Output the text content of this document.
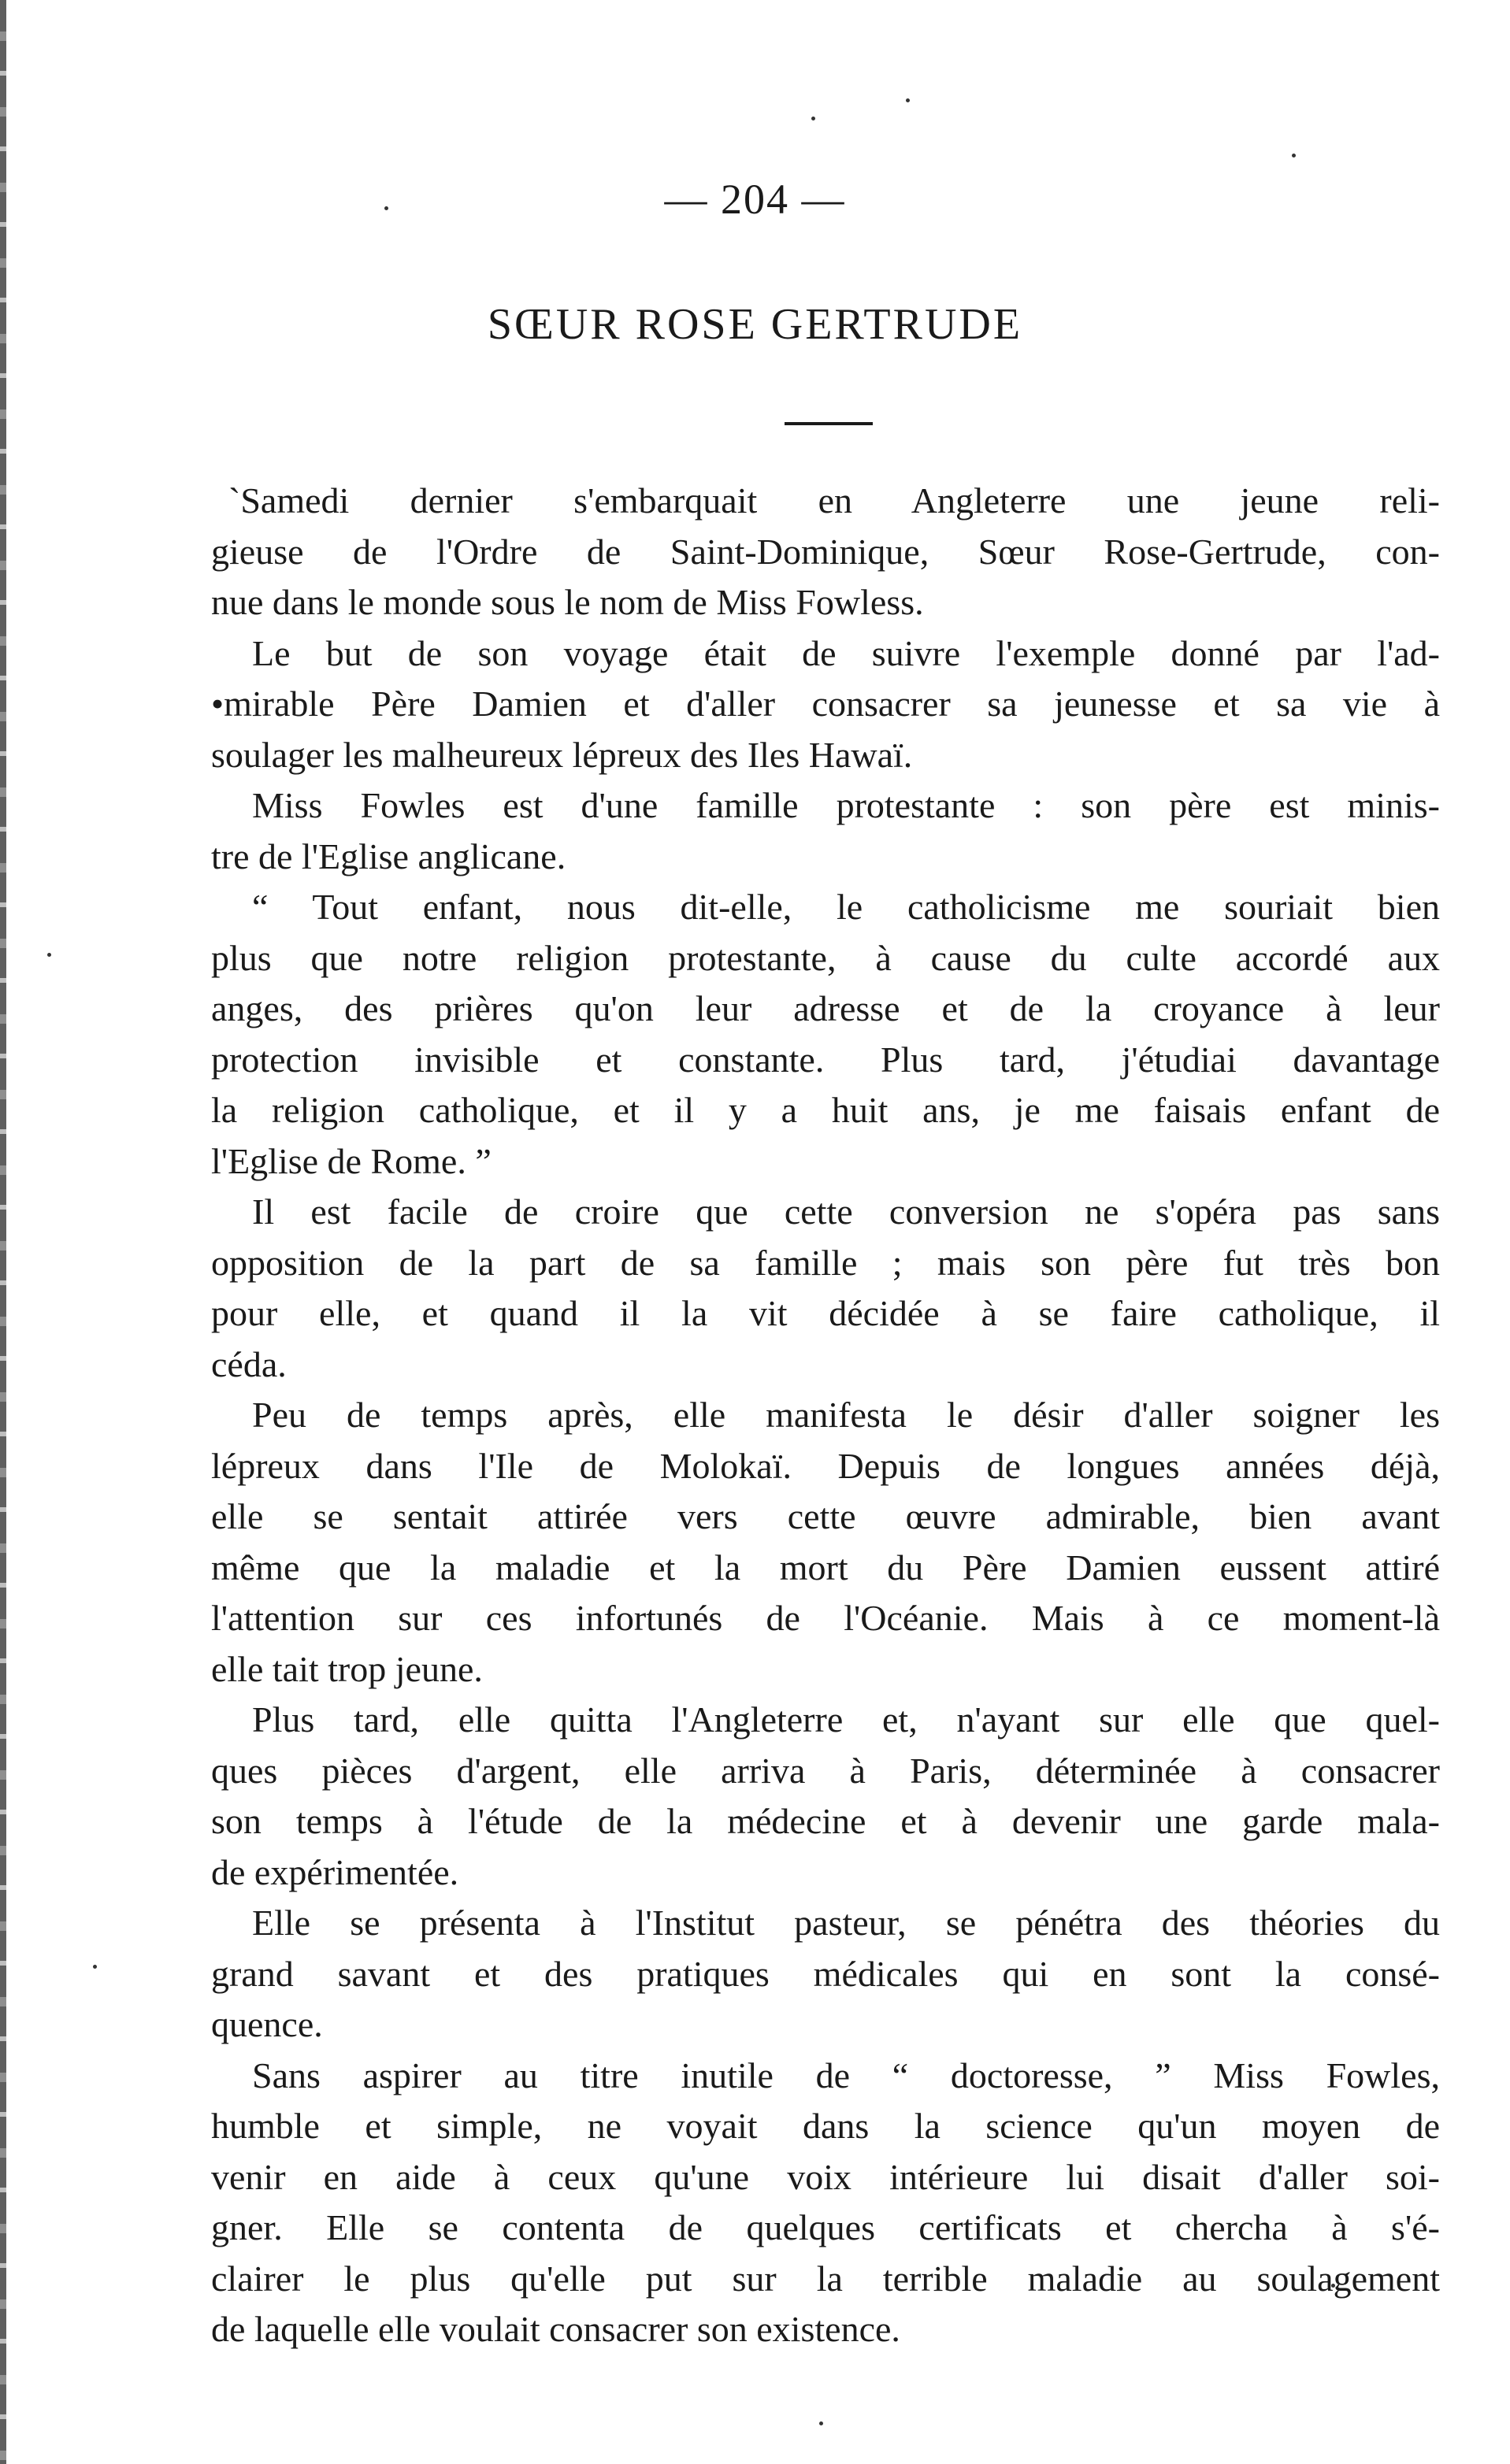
— 204 —
SŒUR ROSE GERTRUDE
`Samedi dernier s'embarquait en Angleterre une jeune reli-
gieuse de l'Ordre de Saint-Dominique, Sœur Rose-Gertrude, con-
nue dans le monde sous le nom de Miss Fowless.
Le but de son voyage était de suivre l'exemple donné par l'ad-
•mirable Père Damien et d'aller consacrer sa jeunesse et sa vie à
soulager les malheureux lépreux des Iles Hawaï.
Miss Fowles est d'une famille protestante : son père est minis-
tre de l'Eglise anglicane.
“ Tout enfant, nous dit-elle, le catholicisme me souriait bien
plus que notre religion protestante, à cause du culte accordé aux
anges, des prières qu'on leur adresse et de la croyance à leur
protection invisible et constante. Plus tard, j'étudiai davantage
la religion catholique, et il y a huit ans, je me faisais enfant de
l'Eglise de Rome. ”
Il est facile de croire que cette conversion ne s'opéra pas sans
opposition de la part de sa famille ; mais son père fut très bon
pour elle, et quand il la vit décidée à se faire catholique, il
céda.
Peu de temps après, elle manifesta le désir d'aller soigner les
lépreux dans l'Ile de Molokaï. Depuis de longues années déjà,
elle se sentait attirée vers cette œuvre admirable, bien avant
même que la maladie et la mort du Père Damien eussent attiré
l'attention sur ces infortunés de l'Océanie. Mais à ce moment-là
elle tait trop jeune.
Plus tard, elle quitta l'Angleterre et, n'ayant sur elle que quel-
ques pièces d'argent, elle arriva à Paris, déterminée à consacrer
son temps à l'étude de la médecine et à devenir une garde mala-
de expérimentée.
Elle se présenta à l'Institut pasteur, se pénétra des théories du
grand savant et des pratiques médicales qui en sont la consé-
quence.
Sans aspirer au titre inutile de “ doctoresse, ” Miss Fowles,
humble et simple, ne voyait dans la science qu'un moyen de
venir en aide à ceux qu'une voix intérieure lui disait d'aller soi-
gner. Elle se contenta de quelques certificats et chercha à s'é-
clairer le plus qu'elle put sur la terrible maladie au soulagement
de laquelle elle voulait consacrer son existence.
